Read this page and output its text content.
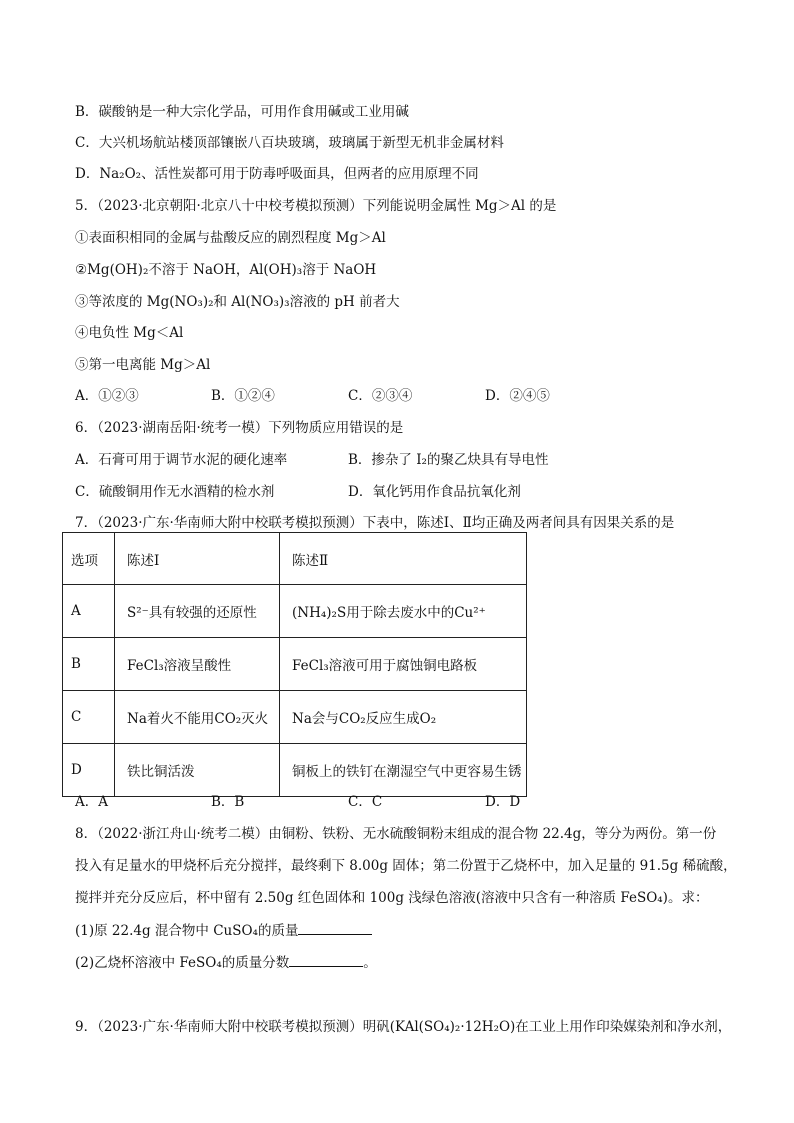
B．碳酸钠是一种大宗化学品，可用作食用碱或工业用碱
C．大兴机场航站楼顶部镶嵌八百块玻璃，玻璃属于新型无机非金属材料
D．Na₂O₂、活性炭都可用于防毒呼吸面具，但两者的应用原理不同
5．（2023·北京朝阳·北京八十中校考模拟预测）下列能说明金属性 Mg＞Al 的是
①表面积相同的金属与盐酸反应的剧烈程度 Mg＞Al
②Mg(OH)₂不溶于 NaOH，Al(OH)₃溶于 NaOH
③等浓度的 Mg(NO₃)₂和 Al(NO₃)₃溶液的 pH 前者大
④电负性 Mg＜Al
⑤第一电离能 Mg＞Al
A．①②③	B．①②④	C．②③④	D．②④⑤
6．（2023·湖南岳阳·统考一模）下列物质应用错误的是
A．石膏可用于调节水泥的硬化速率	B．掺杂了 I₂的聚乙炔具有导电性
C．硫酸铜用作无水酒精的检水剂	D．氧化钙用作食品抗氧化剂
7．（2023·广东·华南师大附中校联考模拟预测）下表中，陈述Ⅰ、Ⅱ均正确及两者间具有因果关系的是
选项	陈述Ⅰ	陈述Ⅱ
A	S²⁻具有较强的还原性	(NH₄)₂S用于除去废水中的Cu²⁺
B	FeCl₃溶液呈酸性	FeCl₃溶液可用于腐蚀铜电路板
C	Na着火不能用CO₂灭火	Na会与CO₂反应生成O₂
D	铁比铜活泼	铜板上的铁钉在潮湿空气中更容易生锈
A．A	B．B	C．C	D．D
8．（2022·浙江舟山·统考二模）由铜粉、铁粉、无水硫酸铜粉末组成的混合物 22.4g，等分为两份。第一份
投入有足量水的甲烧杯后充分搅拌，最终剩下 8.00g 固体；第二份置于乙烧杯中，加入足量的 91.5g 稀硫酸，
搅拌并充分反应后，杯中留有 2.50g 红色固体和 100g 浅绿色溶液(溶液中只含有一种溶质 FeSO₄)。求：
(1)原 22.4g 混合物中 CuSO₄的质量
(2)乙烧杯溶液中 FeSO₄的质量分数	。
9．（2023·广东·华南师大附中校联考模拟预测）明矾(KAl(SO₄)₂·12H₂O)在工业上用作印染媒染剂和净水剂，
